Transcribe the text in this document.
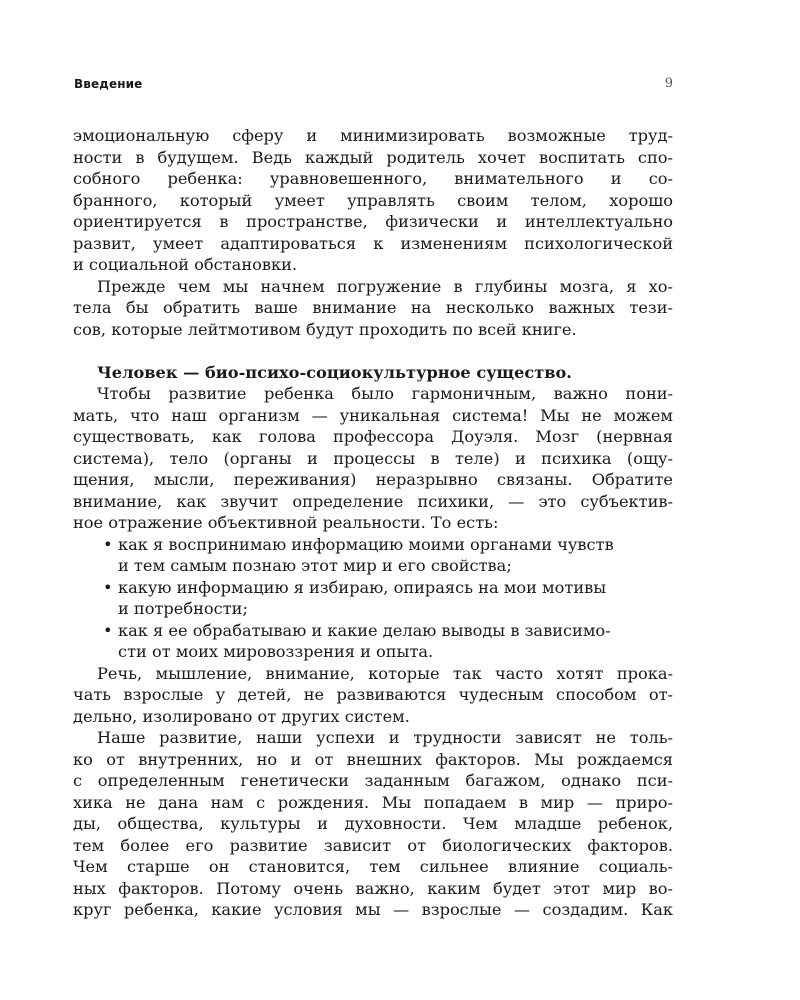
Введение	9
эмоциональную сферу и минимизировать возможные труд-
ности в будущем. Ведь каждый родитель хочет воспитать спо-
собного ребенка: уравновешенного, внимательного и со-
бранного, который умеет управлять своим телом, хорошо
ориентируется в пространстве, физически и интеллектуально
развит, умеет адаптироваться к изменениям психологической
и социальной обстановки.
Прежде чем мы начнем погружение в глубины мозга, я хо-
тела бы обратить ваше внимание на несколько важных тези-
сов, которые лейтмотивом будут проходить по всей книге.
Человек — био-психо-социокультурное существо.
Чтобы развитие ребенка было гармоничным, важно пони-
мать, что наш организм — уникальная система! Мы не можем
существовать, как голова профессора Доуэля. Мозг (нервная
система), тело (органы и процессы в теле) и психика (ощу-
щения, мысли, переживания) неразрывно связаны. Обратите
внимание, как звучит определение психики, — это субъектив-
ное отражение объективной реальности. То есть:
• как я воспринимаю информацию моими органами чувств
и тем самым познаю этот мир и его свойства;
• какую информацию я избираю, опираясь на мои мотивы
и потребности;
• как я ее обрабатываю и какие делаю выводы в зависимо-
сти от моих мировоззрения и опыта.
Речь, мышление, внимание, которые так часто хотят прока-
чать взрослые у детей, не развиваются чудесным способом от-
дельно, изолировано от других систем.
Наше развитие, наши успехи и трудности зависят не толь-
ко от внутренних, но и от внешних факторов. Мы рождаемся
с определенным генетически заданным багажом, однако пси-
хика не дана нам с рождения. Мы попадаем в мир — приро-
ды, общества, культуры и духовности. Чем младше ребенок,
тем более его развитие зависит от биологических факторов.
Чем старше он становится, тем сильнее влияние социаль-
ных факторов. Потому очень важно, каким будет этот мир во-
круг ребенка, какие условия мы — взрослые — создадим. Как
